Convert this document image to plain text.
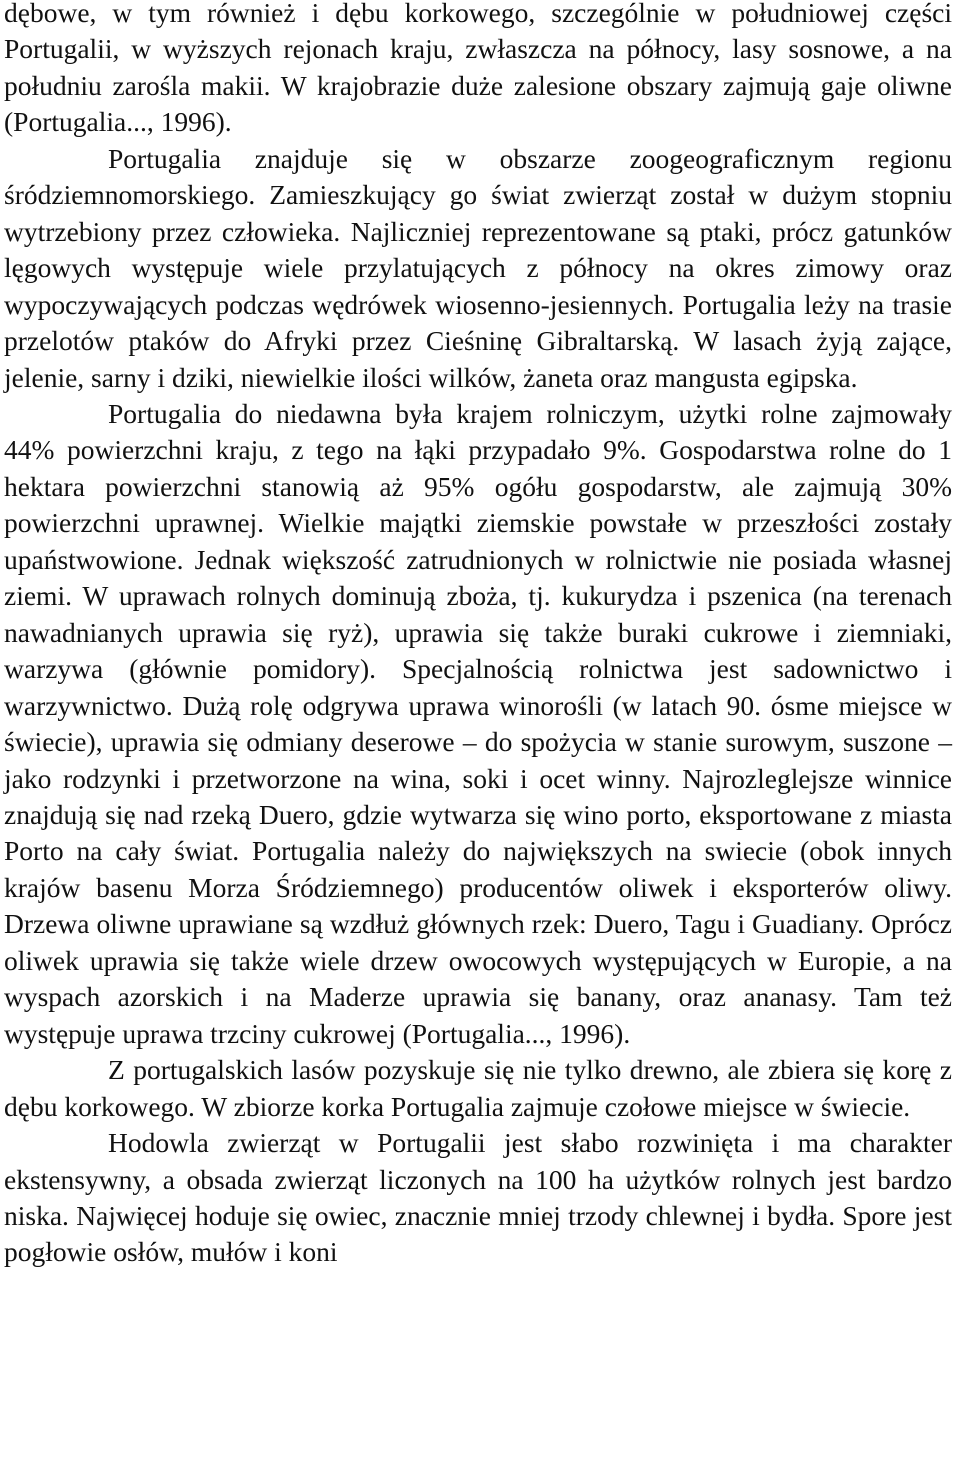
dębowe, w tym również i dębu korkowego, szczególnie w południowej części Portugalii, w wyższych rejonach kraju, zwłaszcza na północy, lasy sosnowe, a na południu zarośla makii. W krajobrazie duże zalesione obszary zajmują gaje oliwne (Portugalia..., 1996).

Portugalia znajduje się w obszarze zoogeograficznym regionu śródziemnomorskiego. Zamieszkujący go świat zwierząt został w dużym stopniu wytrzebiony przez człowieka. Najliczniej reprezentowane są ptaki, prócz gatunków lęgowych występuje wiele przylatujących z północy na okres zimowy oraz wypoczywających podczas wędrówek wiosenno-jesiennych. Portugalia leży na trasie przelotów ptaków do Afryki przez Cieśninę Gibraltarską. W lasach żyją zające, jelenie, sarny i dziki, niewielkie ilości wilków, żaneta oraz mangusta egipska.

Portugalia do niedawna była krajem rolniczym, użytki rolne zajmowały 44% powierzchni kraju, z tego na łąki przypadało 9%. Gospodarstwa rolne do 1 hektara powierzchni stanowią aż 95% ogółu gospodarstw, ale zajmują 30% powierzchni uprawnej. Wielkie majątki ziemskie powstałe w przeszłości zostały upaństwowione. Jednak większość zatrudnionych w rolnictwie nie posiada własnej ziemi. W uprawach rolnych dominują zboża, tj. kukurydza i pszenica (na terenach nawadnianych uprawia się ryż), uprawia się także buraki cukrowe i ziemniaki, warzywa (głównie pomidory). Specjalnością rolnictwa jest sadownictwo i warzywnictwo. Dużą rolę odgrywa uprawa winorośli (w latach 90. ósme miejsce w świecie), uprawia się odmiany deserowe – do spożycia w stanie surowym, suszone – jako rodzynki i przetworzone na wina, soki i ocet winny. Najrozleglejsze winnice znajdują się nad rzeką Duero, gdzie wytwarza się wino porto, eksportowane z miasta Porto na cały świat. Portugalia należy do największych na swiecie (obok innych krajów basenu Morza Śródziemnego) producentów oliwek i eksporterów oliwy. Drzewa oliwne uprawiane są wzdłuż głównych rzek: Duero, Tagu i Guadiany. Oprócz oliwek uprawia się także wiele drzew owocowych występujących w Europie, a na wyspach azorskich i na Maderze uprawia się banany, oraz ananasy. Tam też występuje uprawa trzciny cukrowej (Portugalia..., 1996).

Z portugalskich lasów pozyskuje się nie tylko drewno, ale zbiera się korę z dębu korkowego. W zbiorze korka Portugalia zajmuje czołowe miejsce w świecie.

Hodowla zwierząt w Portugalii jest słabo rozwinięta i ma charakter ekstensywny, a obsada zwierząt liczonych na 100 ha użytków rolnych jest bardzo niska. Najwięcej hoduje się owiec, znacznie mniej trzody chlewnej i bydła. Spore jest pogłowie osłów, mułów i koni
